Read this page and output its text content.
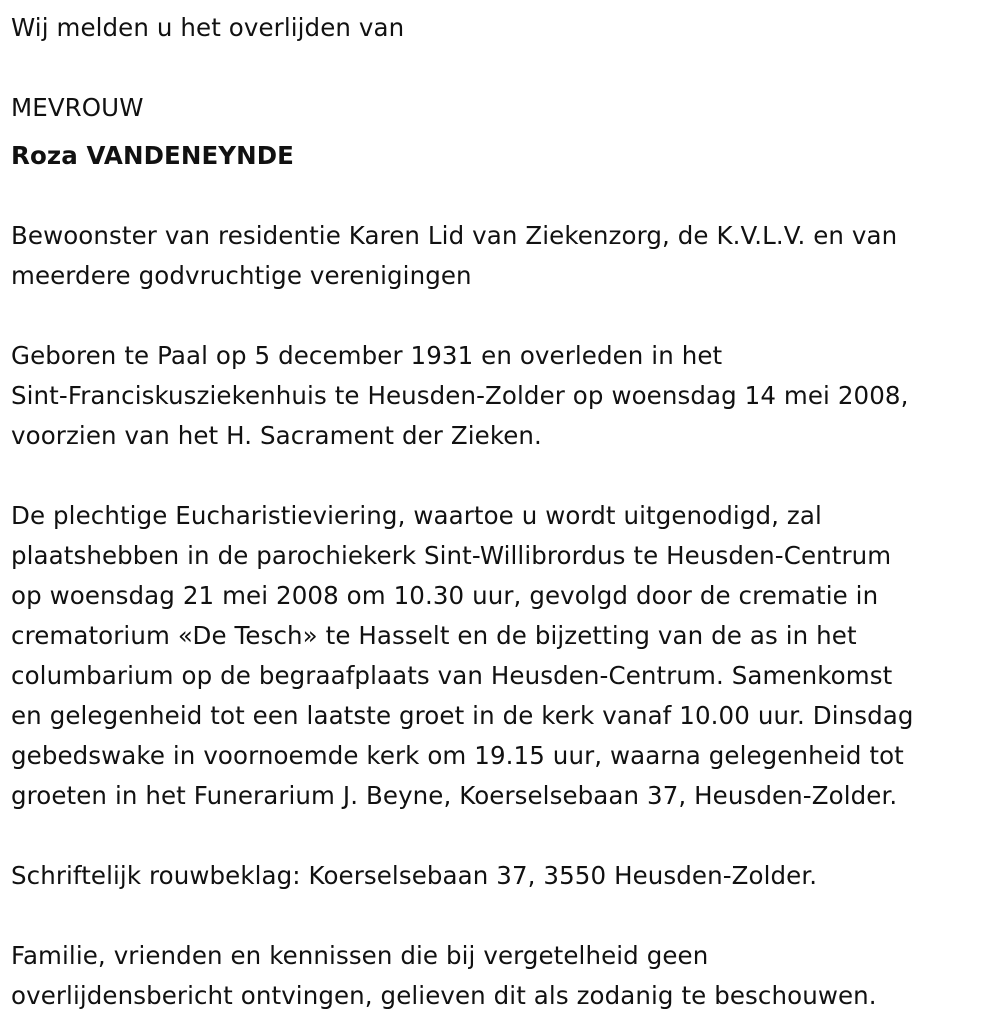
Wij melden u het overlijden van

MEVROUW

Roza VANDENEYNDE

Bewoonster van residentie Karen Lid van Ziekenzorg, de K.V.L.V. en van
meerdere godvruchtige verenigingen

Geboren te Paal op 5 december 1931 en overleden in het
Sint-Franciskusziekenhuis te Heusden-Zolder op woensdag 14 mei 2008,
voorzien van het H. Sacrament der Zieken.

De plechtige Eucharistieviering, waartoe u wordt uitgenodigd, zal
plaatshebben in de parochiekerk Sint-Willibrordus te Heusden-Centrum
op woensdag 21 mei 2008 om 10.30 uur, gevolgd door de crematie in
crematorium «De Tesch» te Hasselt en de bijzetting van de as in het
columbarium op de begraafplaats van Heusden-Centrum. Samenkomst
en gelegenheid tot een laatste groet in de kerk vanaf 10.00 uur. Dinsdag
gebedswake in voornoemde kerk om 19.15 uur, waarna gelegenheid tot
groeten in het Funerarium J. Beyne, Koerselsebaan 37, Heusden-Zolder.

Schriftelijk rouwbeklag: Koerselsebaan 37, 3550 Heusden-Zolder.

Familie, vrienden en kennissen die bij vergetelheid geen
overlijdensbericht ontvingen, gelieven dit als zodanig te beschouwen.
